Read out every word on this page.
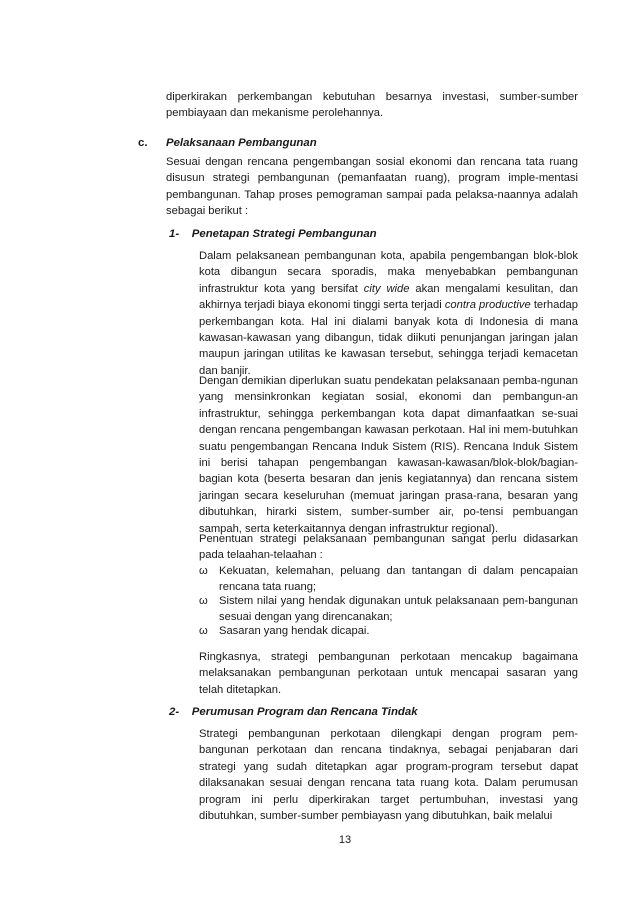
diperkirakan perkembangan kebutuhan besarnya investasi, sumber-sumber pembiayaan dan mekanisme perolehannya.

c. Pelaksanaan Pembangunan

Sesuai dengan rencana pengembangan sosial ekonomi dan rencana tata ruang disusun strategi pembangunan (pemanfaatan ruang), program imple-mentasi pembangunan. Tahap proses pemograman sampai pada pelaksa-naannya adalah sebagai berikut :

1-    Penetapan Strategi Pembangunan

Dalam pelaksanean pembangunan kota, apabila pengembangan blok-blok kota dibangun secara sporadis, maka menyebabkan pembangunan infrastruktur kota yang bersifat city wide akan mengalami kesulitan, dan akhirnya terjadi biaya ekonomi tinggi serta terjadi contra productive terhadap perkembangan kota. Hal ini dialami banyak kota di Indonesia di mana kawasan-kawasan yang dibangun, tidak diikuti penunjangan jaringan jalan maupun jaringan utilitas ke kawasan tersebut, sehingga terjadi kemacetan dan banjir.

Dengan demikian diperlukan suatu pendekatan pelaksanaan pemba-ngunan yang mensinkronkan kegiatan sosial, ekonomi dan pembangun-an infrastruktur, sehingga perkembangan kota dapat dimanfaatkan se-suai dengan rencana pengembangan kawasan perkotaan. Hal ini mem-butuhkan suatu pengembangan Rencana Induk Sistem (RIS). Rencana Induk Sistem ini berisi tahapan pengembangan kawasan-kawasan/blok-blok/bagian-bagian kota (beserta besaran dan jenis kegiatannya) dan rencana sistem jaringan secara keseluruhan (memuat jaringan prasa-rana, besaran yang dibutuhkan, hirarki sistem, sumber-sumber air, po-tensi pembuangan sampah, serta keterkaitannya dengan infrastruktur regional).

Penentuan strategi pelaksanaan pembangunan sangat perlu didasarkan pada telaahan-telaahan :

ω Kekuatan, kelemahan, peluang dan tantangan di dalam pencapaian rencana tata ruang;

ω Sistem nilai yang hendak digunakan untuk pelaksanaan pem-bangunan sesuai dengan yang direncanakan;

ω Sasaran yang hendak dicapai.

Ringkasnya, strategi pembangunan perkotaan mencakup bagaimana melaksanakan pembangunan perkotaan untuk mencapai sasaran yang telah ditetapkan.

2-    Perumusan Program dan Rencana Tindak

Strategi pembangunan perkotaan dilengkapi dengan program pem-bangunan perkotaan dan rencana tindaknya, sebagai penjabaran dari strategi yang sudah ditetapkan agar program-program tersebut dapat dilaksanakan sesuai dengan rencana tata ruang kota. Dalam perumusan program ini perlu diperkirakan target pertumbuhan, investasi yang dibutuhkan, sumber-sumber pembiayasn yang dibutuhkan, baik melalui

13
